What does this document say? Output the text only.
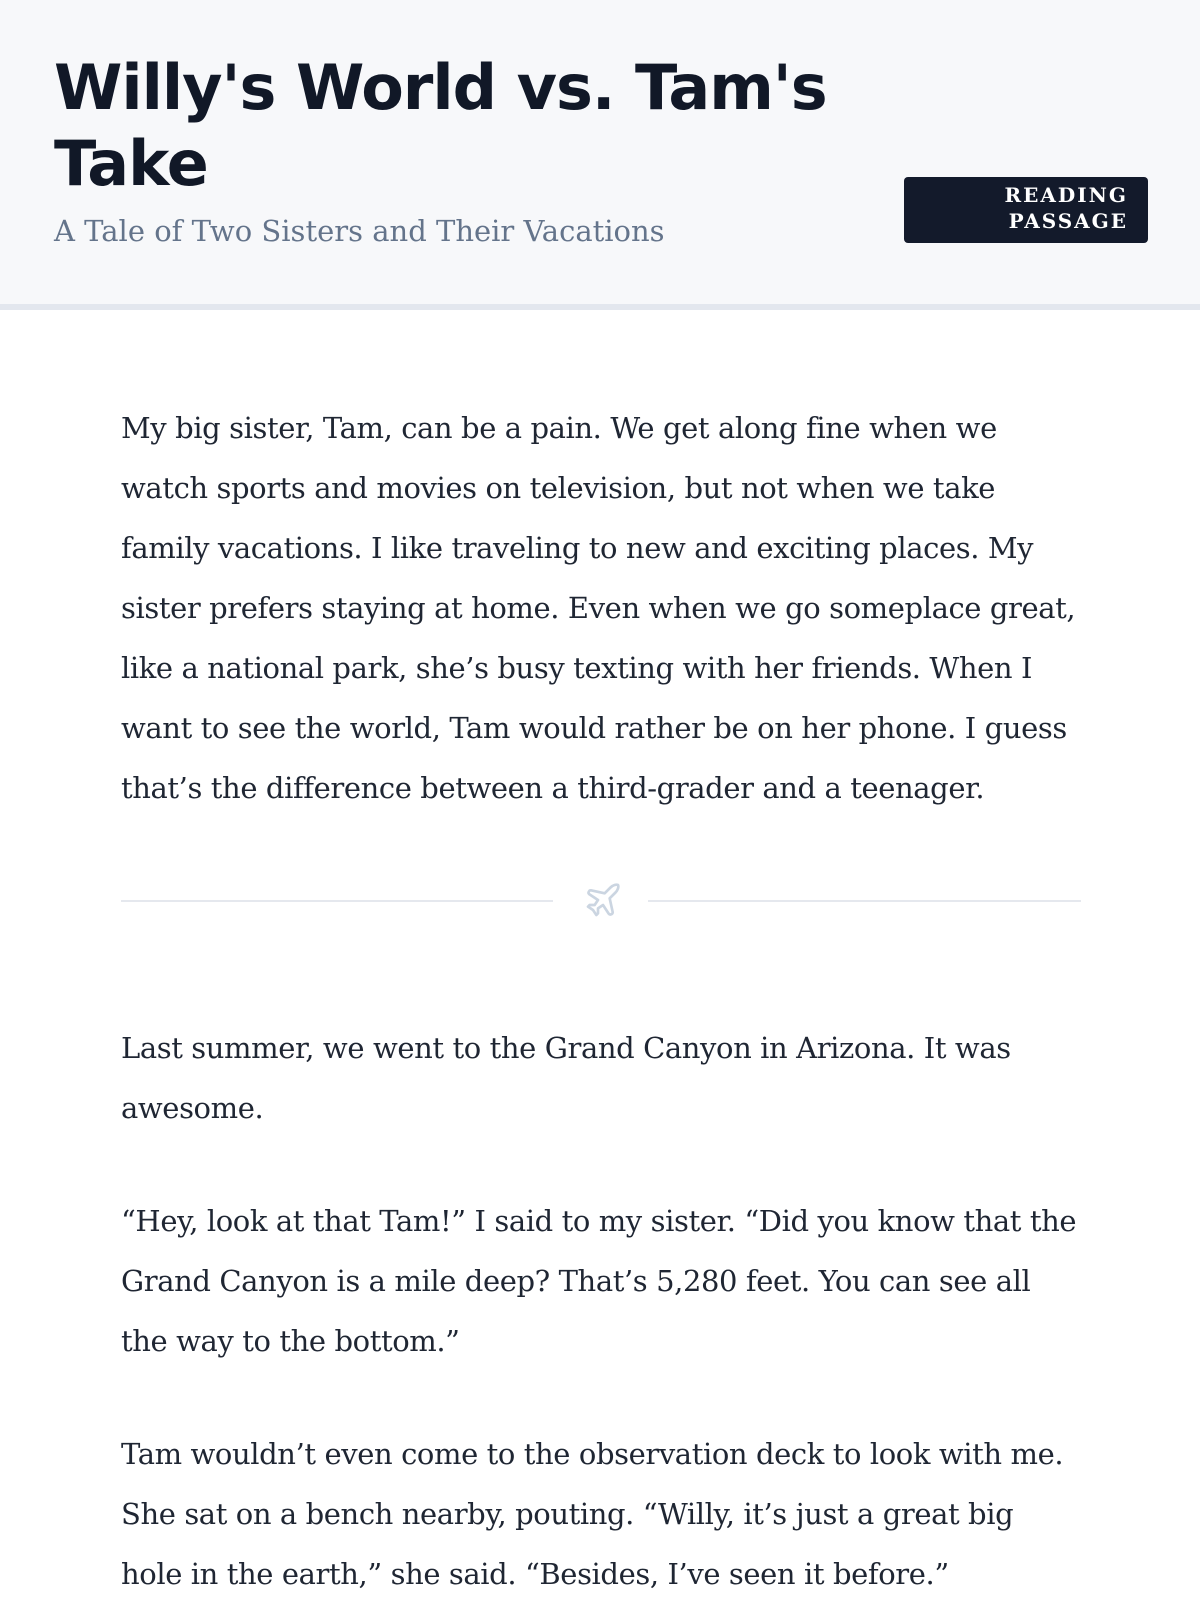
Willy's World vs. Tam's Take
A Tale of Two Sisters and Their Vacations
READING PASSAGE

My big sister, Tam, can be a pain. We get along fine when we watch sports and movies on television, but not when we take family vacations. I like traveling to new and exciting places. My sister prefers staying at home. Even when we go someplace great, like a national park, she’s busy texting with her friends. When I want to see the world, Tam would rather be on her phone. I guess that’s the difference between a third-grader and a teenager.

Last summer, we went to the Grand Canyon in Arizona. It was awesome.

“Hey, look at that Tam!” I said to my sister. “Did you know that the Grand Canyon is a mile deep? That’s 5,280 feet. You can see all the way to the bottom.”

Tam wouldn’t even come to the observation deck to look with me. She sat on a bench nearby, pouting. “Willy, it’s just a great big hole in the earth,” she said. “Besides, I’ve seen it before.”
